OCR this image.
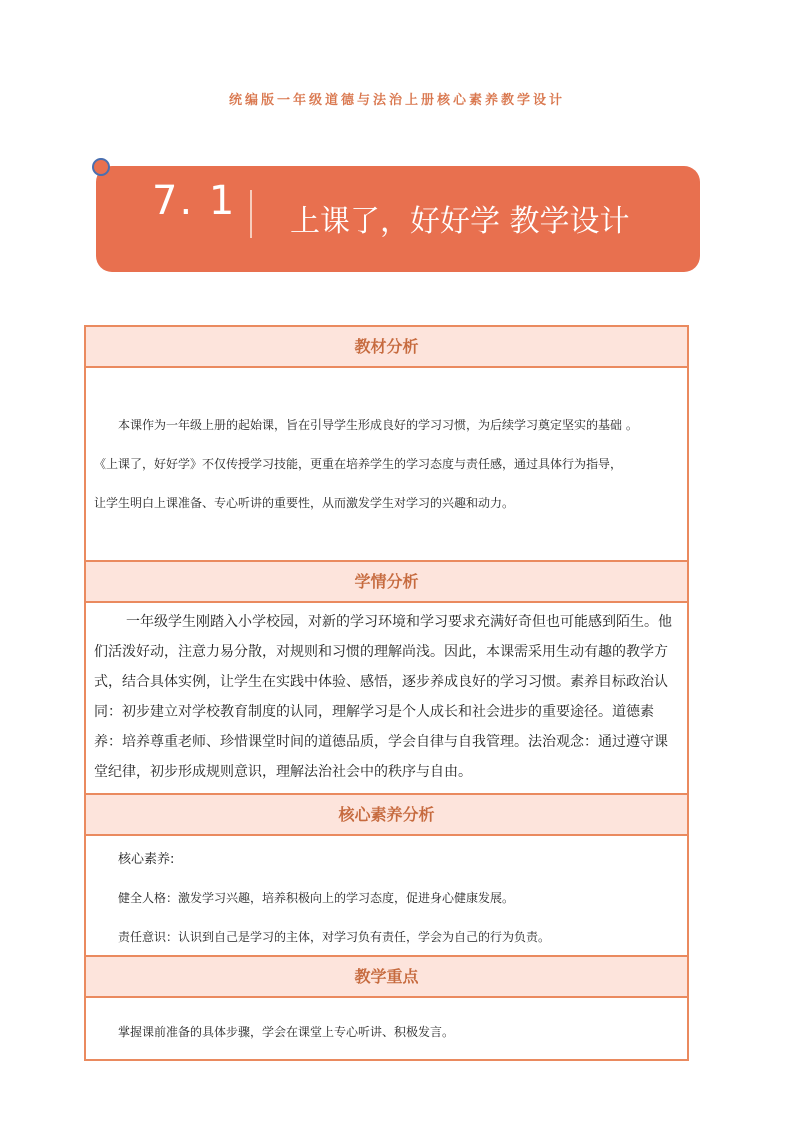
统编版一年级道德与法治上册核心素养教学设计
7. 1 上课了，好好学 教学设计
教材分析

本课作为一年级上册的起始课，旨在引导学生形成良好的学习习惯，为后续学习奠定坚实的基础 。

《上课了，好好学》不仅传授学习技能，更重在培养学生的学习态度与责任感，通过具体行为指导，

让学生明白上课准备、专心听讲的重要性，从而激发学生对学习的兴趣和动力。

学情分析

一年级学生刚踏入小学校园，对新的学习环境和学习要求充满好奇但也可能感到陌生。他们活泼好动，注意力易分散，对规则和习惯的理解尚浅。因此，本课需采用生动有趣的教学方式，结合具体实例，让学生在实践中体验、感悟，逐步养成良好的学习习惯。素养目标政治认同：初步建立对学校教育制度的认同，理解学习是个人成长和社会进步的重要途径。道德素养：培养尊重老师、珍惜课堂时间的道德品质，学会自律与自我管理。法治观念：通过遵守课堂纪律，初步形成规则意识，理解法治社会中的秩序与自由。

核心素养分析

核心素养:

健全人格：激发学习兴趣，培养积极向上的学习态度，促进身心健康发展。

责任意识：认识到自己是学习的主体，对学习负有责任，学会为自己的行为负责。

教学重点

掌握课前准备的具体步骤，学会在课堂上专心听讲、积极发言。
